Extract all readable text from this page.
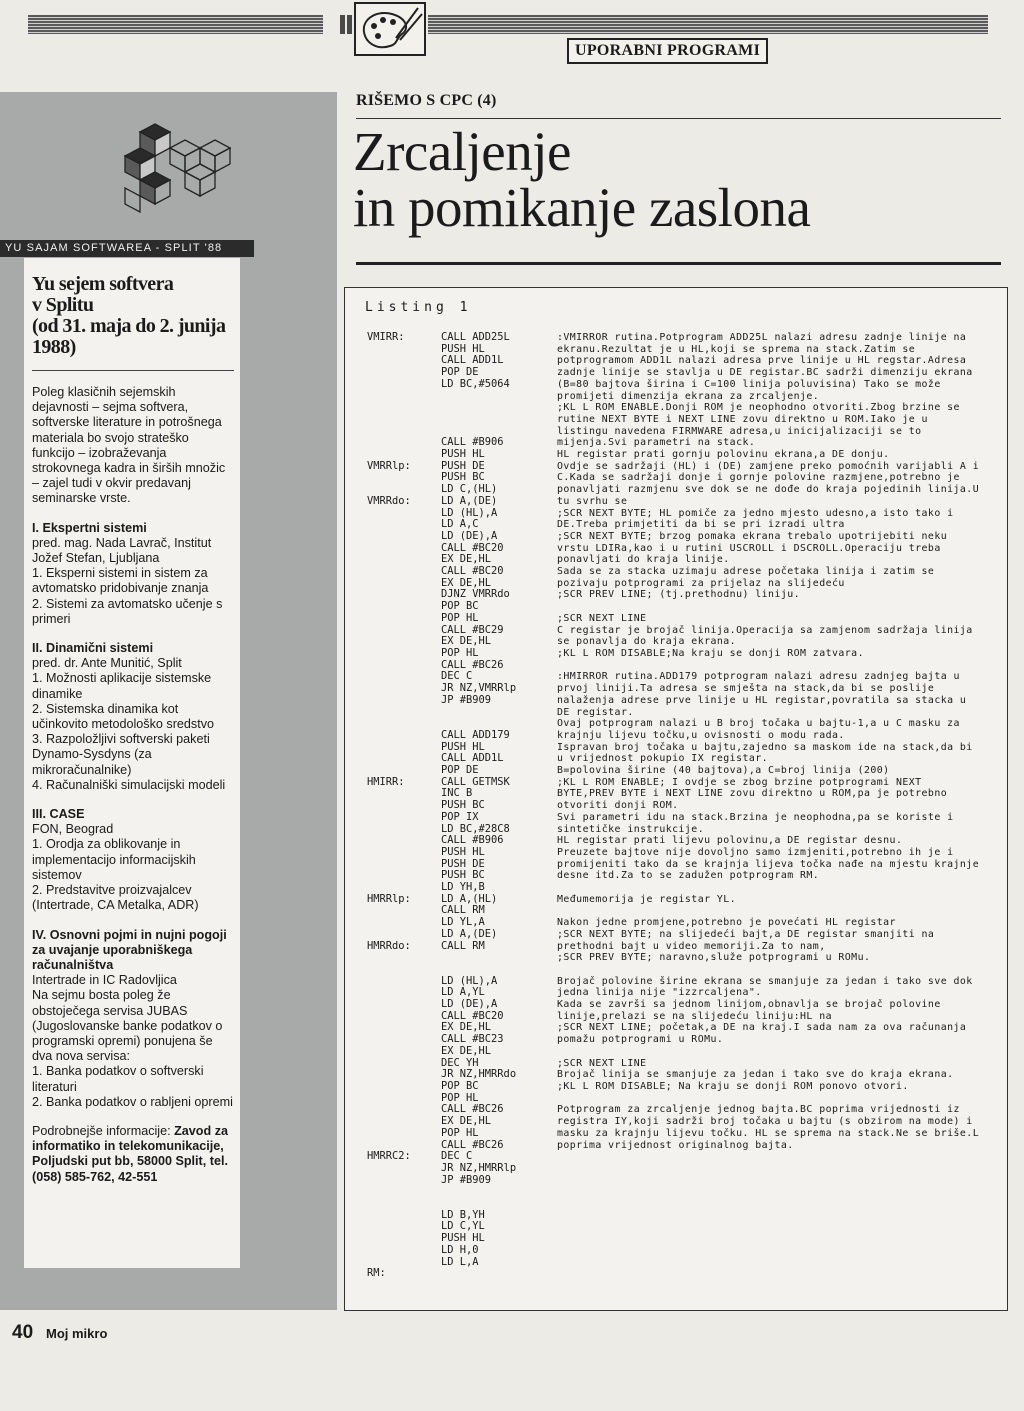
UPORABNI PROGRAMI
YU SAJAM SOFTWAREA - SPLIT '88
Yu sejem softvera
v Splitu
(od 31. maja do 2. junija
1988)

Poleg klasičnih sejemskih dejavnosti – sejma softvera, softverske literature in potrošnega materiala bo svojo strateško funkcijo – izobraževanja strokovnega kadra in širših množic – zajel tudi v okvir predavanj seminarske vrste.

I. Ekspertni sistemi

pred. mag. Nada Lavrač, Institut Jožef Stefan, Ljubljana

1. Eksperni sistemi in sistem za avtomatsko pridobivanje znanja

2. Sistemi za avtomatsko učenje s primeri

II. Dinamični sistemi

pred. dr. Ante Munitić, Split

1. Možnosti aplikacije sistemske dinamike

2. Sistemska dinamika kot učinkovito metodološko sredstvo

3. Razpoložljivi softverski paketi Dynamo-Sysdyns (za mikroračunalnike)

4. Računalniški simulacijski modeli

III. CASE

FON, Beograd

1. Orodja za oblikovanje in implementacijo informacijskih sistemov

2. Predstavitve proizvajalcev (Intertrade, CA Metalka, ADR)

IV. Osnovni pojmi in nujni pogoji za uvajanje uporabniškega računalništva

Intertrade in IC Radovljica

Na sejmu bosta poleg že obstoječega servisa JUBAS (Jugoslovanske banke podatkov o programski opremi) ponujena še dva nova servisa:

1. Banka podatkov o softverski literaturi

2. Banka podatkov o rabljeni opremi

Podrobnejše informacije: Zavod za informatiko in telekomunikacije, Poljudski put bb, 58000 Split, tel. (058) 585-762, 42-551

RIŠEMO S CPC (4)
Zrcaljenje
in pomikanje zaslona
Listing 1
VMIRR:

VMRRlp:

VMRRdo:

HMIRR:

HMRRlp:

HMRRdo:

HMRRC2:

RM:
CALL ADD25L
PUSH HL
CALL ADD1L
POP DE
LD BC,#5064

CALL #B906
PUSH HL
PUSH DE
PUSH BC
LD C,(HL)
LD A,(DE)
LD (HL),A
LD A,C
LD (DE),A
CALL #BC20
EX DE,HL
CALL #BC20
EX DE,HL
DJNZ VMRRdo
POP BC
POP HL
CALL #BC29
EX DE,HL
POP HL
CALL #BC26
DEC C
JR NZ,VMRRlp
JP #B909

CALL ADD179
PUSH HL
CALL ADD1L
POP DE
CALL GETMSK
INC B
PUSH BC
POP IX
LD BC,#28C8
CALL #B906
PUSH HL
PUSH DE
PUSH BC
LD YH,B
LD A,(HL)
CALL RM
LD YL,A
LD A,(DE)
CALL RM

LD (HL),A
LD A,YL
LD (DE),A
CALL #BC20
EX DE,HL
CALL #BC23
EX DE,HL
DEC YH
JR NZ,HMRRdo
POP BC
POP HL
CALL #BC26
EX DE,HL
POP HL
CALL #BC26
DEC C
JR NZ,HMRRlp
JP #B909

LD B,YH
LD C,YL
PUSH HL
LD H,0
LD L,A

:VMIRROR rutina.Potprogram ADD25L nalazi adresu zadnje linije na ekranu.Rezultat je u HL,koji se sprema na stack.Zatim se potprogramom ADD1L nalazi adresa prve linije u HL regstar.Adresa zadnje linije se stavlja u DE registar.BC sadrži dimenziju ekrana (B=80 bajtova širina i C=100 linija poluvisina) Tako se može promijeti dimenzija ekrana za zrcaljenje.

;KL L ROM ENABLE.Donji ROM je neophodno otvoriti.Zbog brzine se rutine NEXT BYTE i NEXT LINE zovu direktno u ROM.Iako je u listingu navedena FIRMWARE adresa,u inicijalizaciji se to mijenja.Svi parametri na stack.

HL registar prati gornju polovinu ekrana,a DE donju.

Ovdje se sadržaji (HL) i (DE) zamjene preko pomoćnih varijabli A i C.Kada se sadržaji donje i gornje polovine razmjene,potrebno je ponavljati razmjenu sve dok se ne dođe do kraja pojedinih linija.U tu svrhu se

;SCR NEXT BYTE; HL pomiče za jedno mjesto udesno,a isto tako i DE.Treba primjetiti da bi se pri izradi ultra

;SCR NEXT BYTE; brzog pomaka ekrana trebalo upotrijebiti neku vrstu LDIRa,kao i u rutini USCROLL i DSCROLL.Operaciju treba ponavljati do kraja linije.

Sada se za stacka uzimaju adrese početaka linija i zatim se pozivaju potprogrami za prijelaz na slijedeću

;SCR PREV LINE; (tj.prethodnu) liniju.

;SCR NEXT LINE

C registar je brojač linija.Operacija sa zamjenom sadržaja linija se ponavlja do kraja ekrana.

;KL L ROM DISABLE;Na kraju se donji ROM zatvara.

:HMIRROR rutina.ADD179 potprogram nalazi adresu zadnjeg bajta u prvoj liniji.Ta adresa se smješta na stack,da bi se poslije nalaženja adrese prve linije u HL registar,povratila sa stacka u DE registar.

Ovaj potprogram nalazi u B broj točaka u bajtu-1,a u C masku za krajnju lijevu točku,u ovisnosti o modu rada.

Ispravan broj točaka u bajtu,zajedno sa maskom ide na stack,da bi u vrijednost pokupio IX registar.

B=polovina širine (40 bajtova),a C=broj linija (200)

;KL L ROM ENABLE; I ovdje se zbog brzine potprogrami NEXT BYTE,PREV BYTE i NEXT LINE zovu direktno u ROM,pa je potrebno otvoriti donji ROM.

Svi parametri idu na stack.Brzina je neophodna,pa se koriste i sintetičke instrukcije.

HL registar prati lijevu polovinu,a DE registar desnu.

Preuzete bajtove nije dovoljno samo izmjeniti,potrebno ih je i promijeniti tako da se krajnja lijeva točka nađe na mjestu krajnje desne itd.Za to se zadužen potprogram RM.

Međumemorija je registar YL.

Nakon jedne promjene,potrebno je povećati HL registar

;SCR NEXT BYTE; na slijedeći bajt,a DE registar smanjiti na prethodni bajt u video memoriji.Za to nam,

;SCR PREV BYTE; naravno,služe potprogrami u ROMu.

Brojač polovine širine ekrana se smanjuje za jedan i tako sve dok jedna linija nije "izzrcaljena".

Kada se završi sa jednom linijom,obnavlja se brojač polovine linije,prelazi se na slijedeću liniju:HL na

;SCR NEXT LINE; početak,a DE na kraj.I sada nam za ova računanja pomažu potprogrami u ROMu.

;SCR NEXT LINE

Brojač linija se smanjuje za jedan i tako sve do kraja ekrana.

;KL L ROM DISABLE; Na kraju se donji ROM ponovo otvori.

Potprogram za zrcaljenje jednog bajta.BC poprima vrijednosti iz registra IY,koji sadrži broj točaka u bajtu (s obzirom na mode) i masku za krajnju lijevu točku. HL se sprema na stack.Ne se briše.L poprima vrijednost originalnog bajta.

40 Moj mikro
